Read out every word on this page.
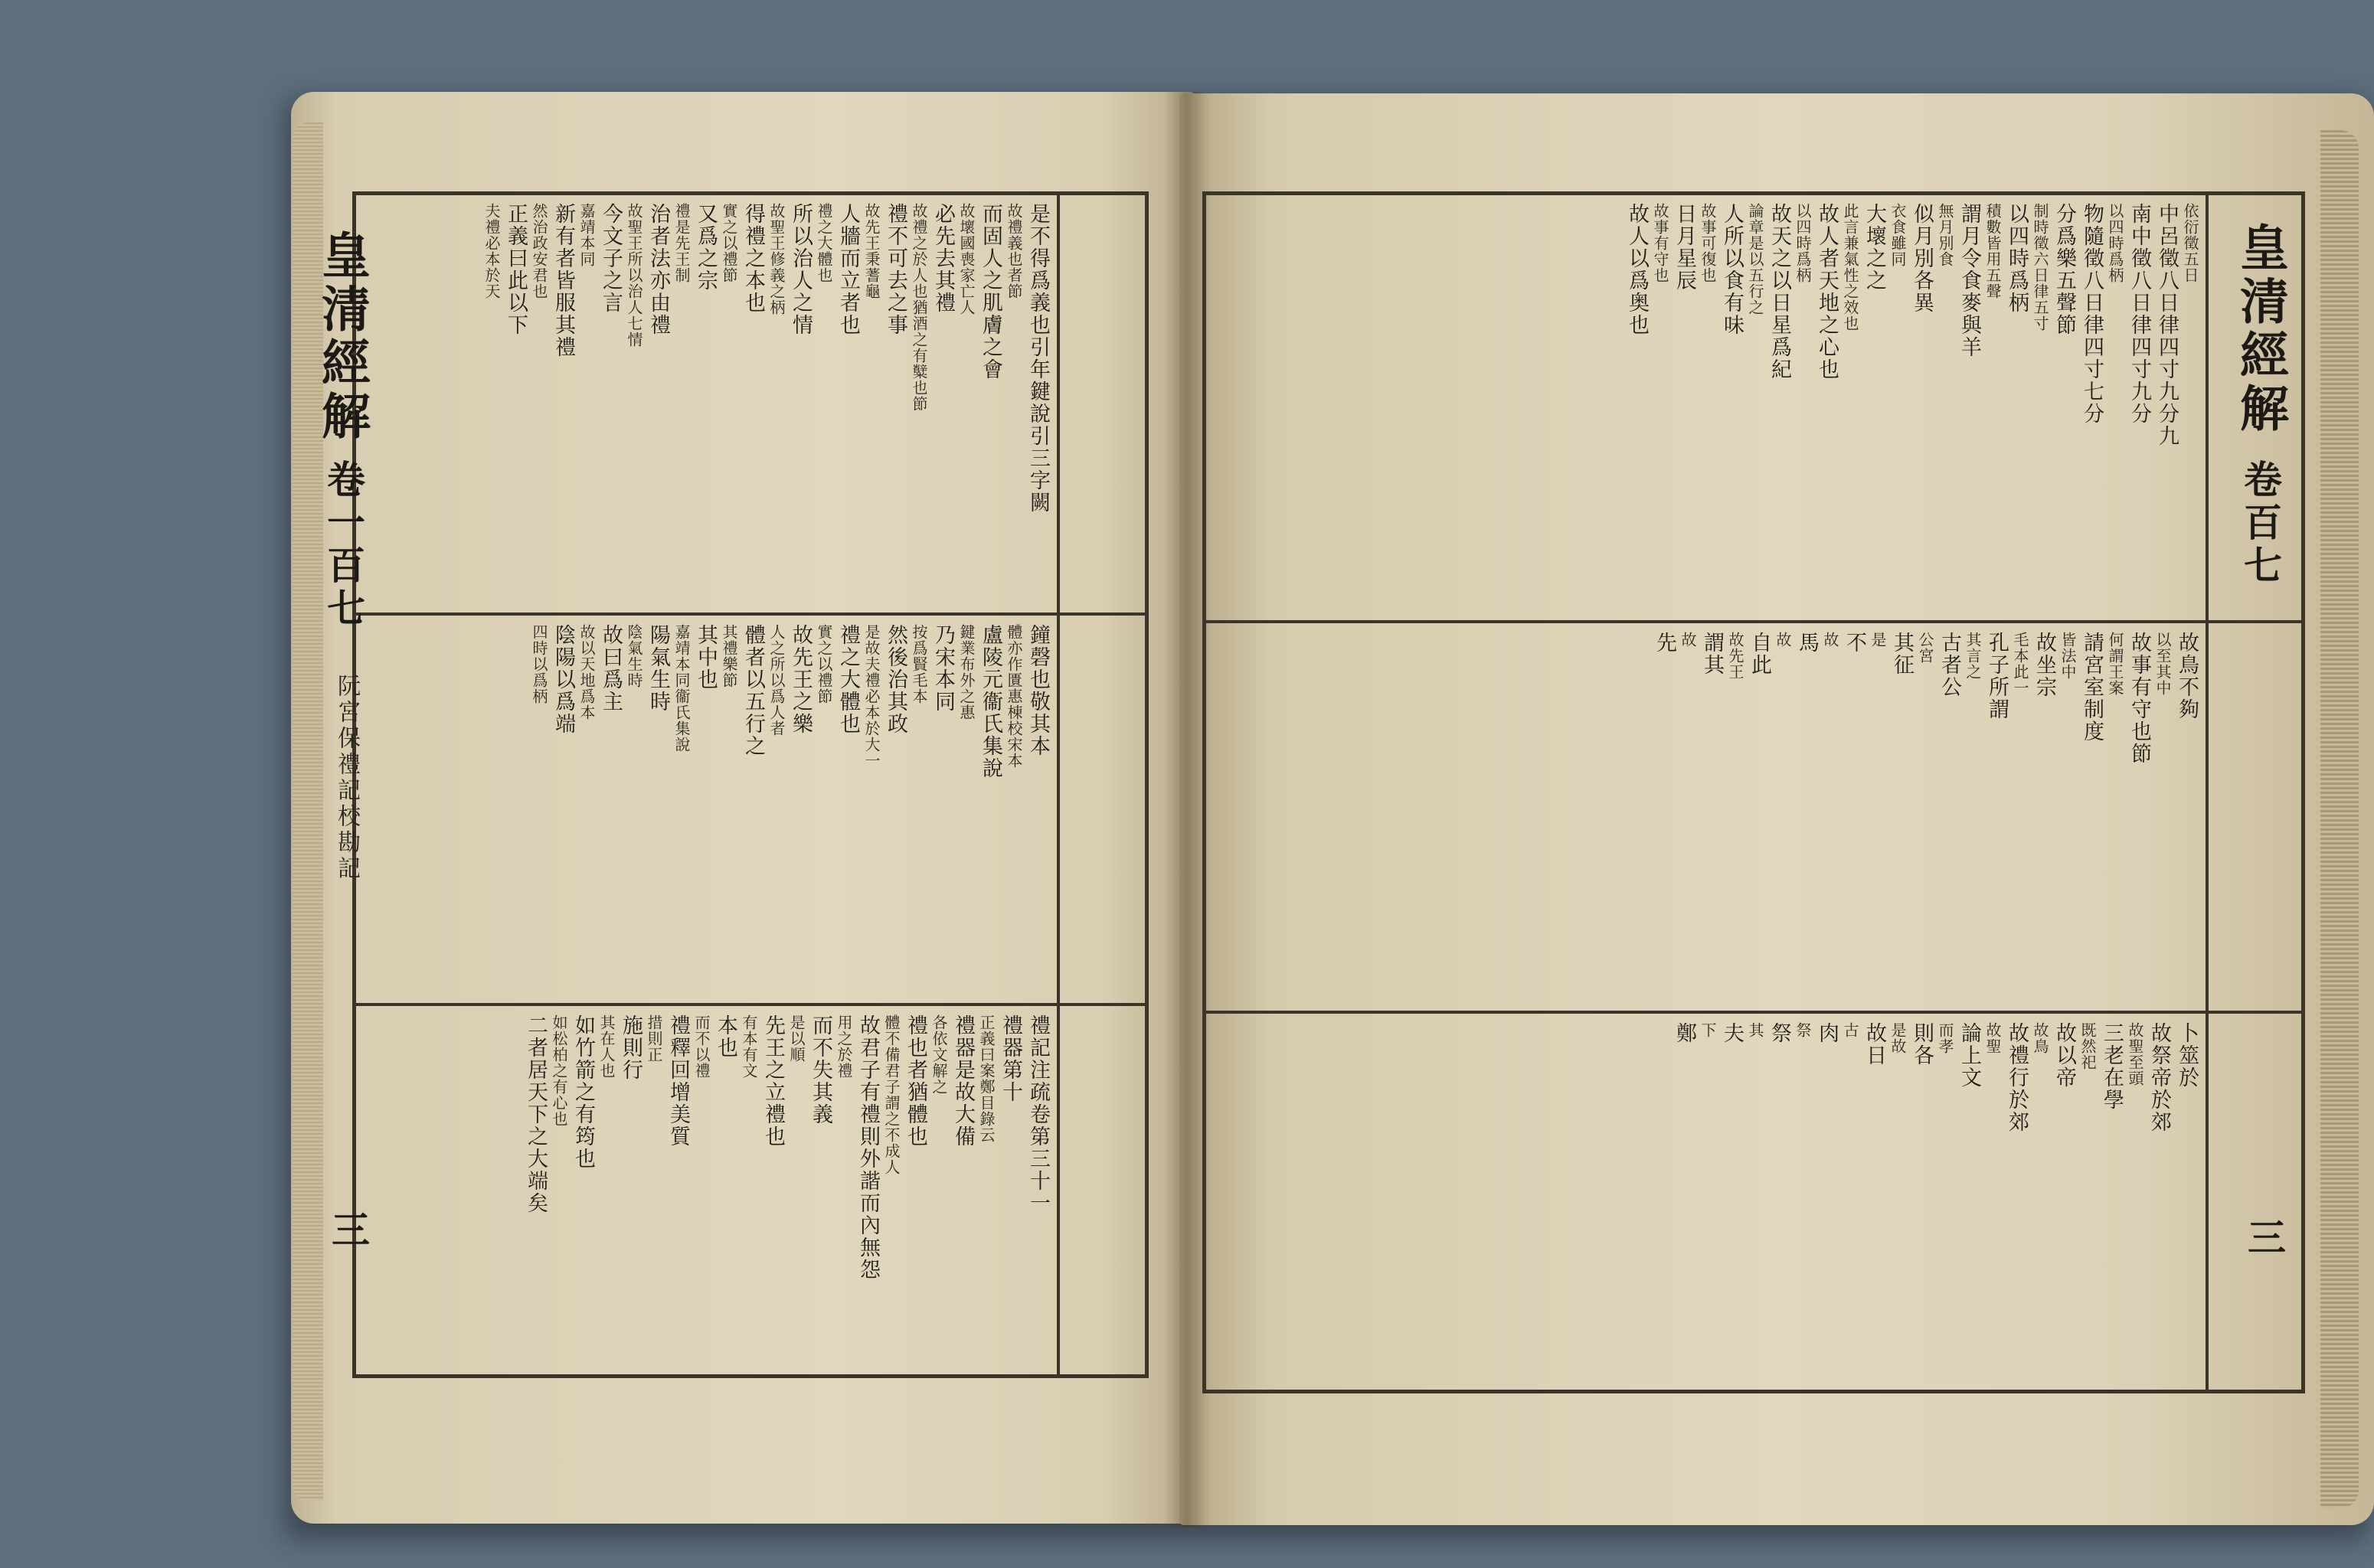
皇清經解
卷一百七
三
阮宮保禮記校勘記
是不得爲義也引年鍵說引三字闕
故禮義也者節
而固人之肌膚之會
故壞國喪家亡人
必先去其禮
故禮之於人也猶酒之有糱也節
禮不可去之事
故先王秉蓍龜
人牆而立者也
禮之大體也
所以治人之情
故聖王修義之柄
得禮之本也
實之以禮節
又爲之宗
禮是先王制
治者法亦由禮
故聖王所以治人七情
今文子之言
嘉靖本同
新有者皆服其禮
然治政安君也
正義曰此以下
夫禮必本於天
鐘磬也敬其本
體亦作匱惠棟校宋本
盧陵元衞氏集說
鍵業布外之惠
乃宋本同
按爲賢毛本
然後治其政
是故夫禮必本於大一
禮之大體也
實之以禮節
故先王之樂
人之所以爲人者
體者以五行之
其禮樂節
其中也
嘉靖本同衞氏集說
陽氣生時
陰氣生時
故曰爲主
故以天地爲本
陰陽以爲端
四時以爲柄
禮記注疏卷第三十一
禮器第十
正義曰案鄭目錄云
禮器是故大備
各依文解之
禮也者猶體也
體不備君子謂之不成人
故君子有禮則外諧而內無怨
用之於禮
而不失其義
是以順
先王之立禮也
有本有文
本也
而不以禮
禮釋回增美質
措則正
施則行
其在人也
如竹箭之有筠也
如松柏之有心也
二者居天下之大端矣
皇清經解
卷百七
三
依衍徵五日
中呂徵八日律四寸九分九
南中徵八日律四寸九分
以四時爲柄
物隨徵八日律四寸七分
分爲樂五聲節
制時徵六日律五寸
以四時爲柄
積數皆用五聲
謂月令食麥與羊
無月別食
似月別各異
衣食雖同
大壞之之
此言兼氣性之效也
故人者天地之心也
以四時爲柄
故天之以日星爲紀
論章是以五行之
人所以食有味
故事可復也
日月星辰
故事有守也
故人以爲奥也
故鳥不夠
以至其中
故事有守也節
何謂王案
請宮室制度
皆法中
故坐宗
毛本此一
孔子所謂
其言之
古者公
公宮
其征
是
不
故
馬
故
自此
故先王
謂其
故
先
卜筮於
故祭帝於郊
故聖至頭
三老在學
既然祀
故以帝
故鳥
故禮行於郊
故聖
論上文
而孝
則各
是故
故日
古
肉
祭
祭
其
夫
下
鄭
